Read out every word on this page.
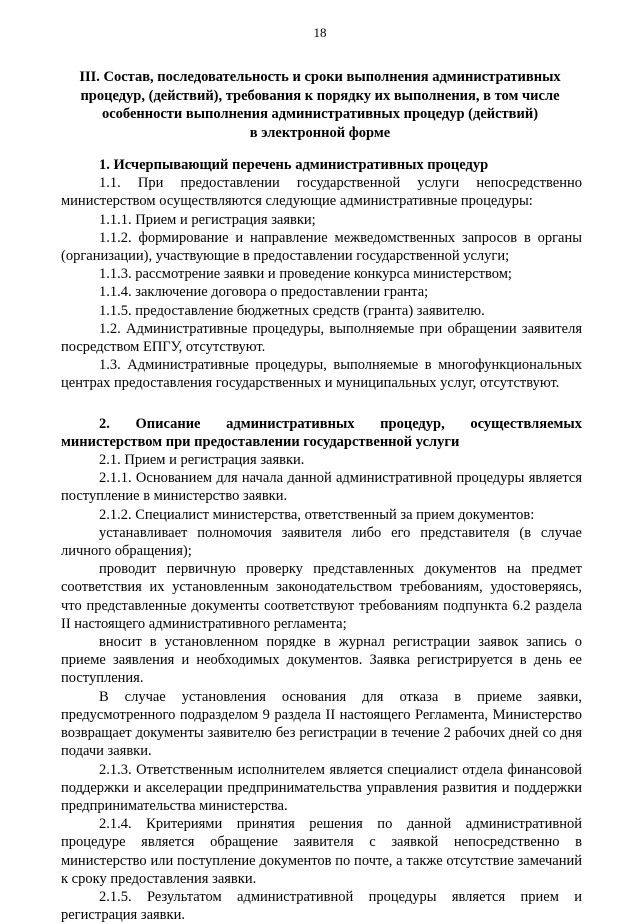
18
III. Состав, последовательность и сроки выполнения административных
процедур, (действий), требования к порядку их выполнения, в том числе
особенности выполнения административных процедур (действий)
в электронной форме

1. Исчерпывающий перечень административных процедур

1.1. При предоставлении государственной услуги непосредственно министерством осуществляются следующие административные процедуры:

1.1.1. Прием и регистрация заявки;

1.1.2. формирование и направление межведомственных запросов в органы (организации), участвующие в предоставлении государственной услуги;

1.1.3. рассмотрение заявки и проведение конкурса министерством;

1.1.4. заключение договора о предоставлении гранта;

1.1.5. предоставление бюджетных средств (гранта) заявителю.

1.2. Административные процедуры, выполняемые при обращении заявителя посредством ЕПГУ, отсутствуют.

1.3. Административные процедуры, выполняемые в многофункциональных центрах предоставления государственных и муниципальных услуг, отсутствуют.

2. Описание административных процедур, осуществляемых министерством при предоставлении государственной услуги

2.1. Прием и регистрация заявки.

2.1.1. Основанием для начала данной административной процедуры является поступление в министерство заявки.

2.1.2. Специалист министерства, ответственный за прием документов:

устанавливает полномочия заявителя либо его представителя (в случае личного обращения);

проводит первичную проверку представленных документов на предмет соответствия их установленным законодательством требованиям, удостоверяясь, что представленные документы соответствуют требованиям подпункта 6.2 раздела II настоящего административного регламента;

вносит в установленном порядке в журнал регистрации заявок запись о приеме заявления и необходимых документов. Заявка регистрируется в день ее поступления.

В случае установления основания для отказа в приеме заявки, предусмотренного подразделом 9 раздела II настоящего Регламента, Министерство возвращает документы заявителю без регистрации в течение 2 рабочих дней со дня подачи заявки.

2.1.3. Ответственным исполнителем является специалист отдела финансовой поддержки и акселерации предпринимательства управления развития и поддержки предпринимательства министерства.

2.1.4. Критериями принятия решения по данной административной процедуре является обращение заявителя с заявкой непосредственно в министерство или поступление документов по почте, а также отсутствие замечаний к сроку предоставления заявки.

2.1.5. Результатом административной процедуры является прием и регистрация заявки.
